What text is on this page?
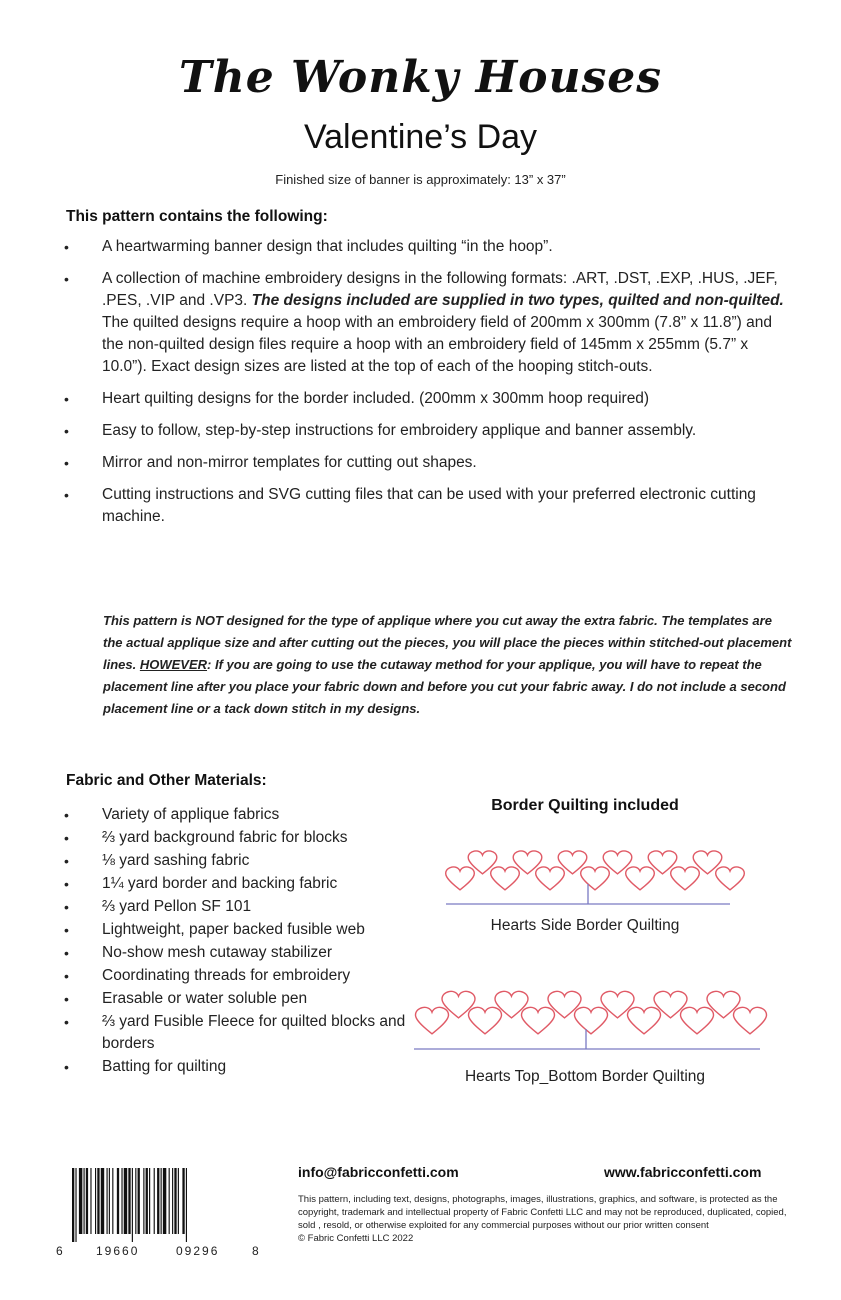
The Wonky Houses
Valentine’s Day
Finished size of banner is approximately: 13” x 37”
This pattern contains the following:
• A heartwarming banner design that includes quilting “in the hoop”.
• A collection of machine embroidery designs in the following formats: .ART, .DST, .EXP, .HUS, .JEF, .PES, .VIP and .VP3. The designs included are supplied in two types, quilted and non-quilted.
The quilted designs require a hoop with an embroidery field of 200mm x 300mm (7.8” x 11.8”) and the non-quilted design files require a hoop with an embroidery field of 145mm x 255mm (5.7” x 10.0”). Exact design sizes are listed at the top of each of the hooping stitch-outs.
• Heart quilting designs for the border included. (200mm x 300mm hoop required)
• Easy to follow, step-by-step instructions for embroidery applique and banner assembly.
• Mirror and non-mirror templates for cutting out shapes.
• Cutting instructions and SVG cutting files that can be used with your preferred electronic cutting machine.
This pattern is NOT designed for the type of applique where you cut away the extra fabric. The templates are the actual applique size and after cutting out the pieces, you will place the pieces within stitched-out placement lines. HOWEVER: If you are going to use the cutaway method for your applique, you will have to repeat the placement line after you place your fabric down and before you cut your fabric away. I do not include a second placement line or a tack down stitch in my designs.
Fabric and Other Materials:
• Variety of applique fabrics
• ⅔ yard background fabric for blocks
• ⅛ yard sashing fabric
• 1¼ yard border and backing fabric
• ⅔ yard Pellon SF 101
• Lightweight, paper backed fusible web
• No-show mesh cutaway stabilizer
• Coordinating threads for embroidery
• Erasable or water soluble pen
• ⅔ yard Fusible Fleece for quilted blocks and borders
• Batting for quilting
Border Quilting included
Hearts Side Border Quilting
Hearts Top_Bottom Border Quilting
6	19660	09296	8
info@fabricconfetti.com	www.fabricconfetti.com
This pattern, including text, designs, photographs, images, illustrations, graphics, and software, is protected as the copyright, trademark and intellectual property of Fabric Confetti LLC and may not be reproduced, duplicated, copied, sold , resold, or otherwise exploited for any commercial purposes without our prior written consent
© Fabric Confetti LLC 2022
